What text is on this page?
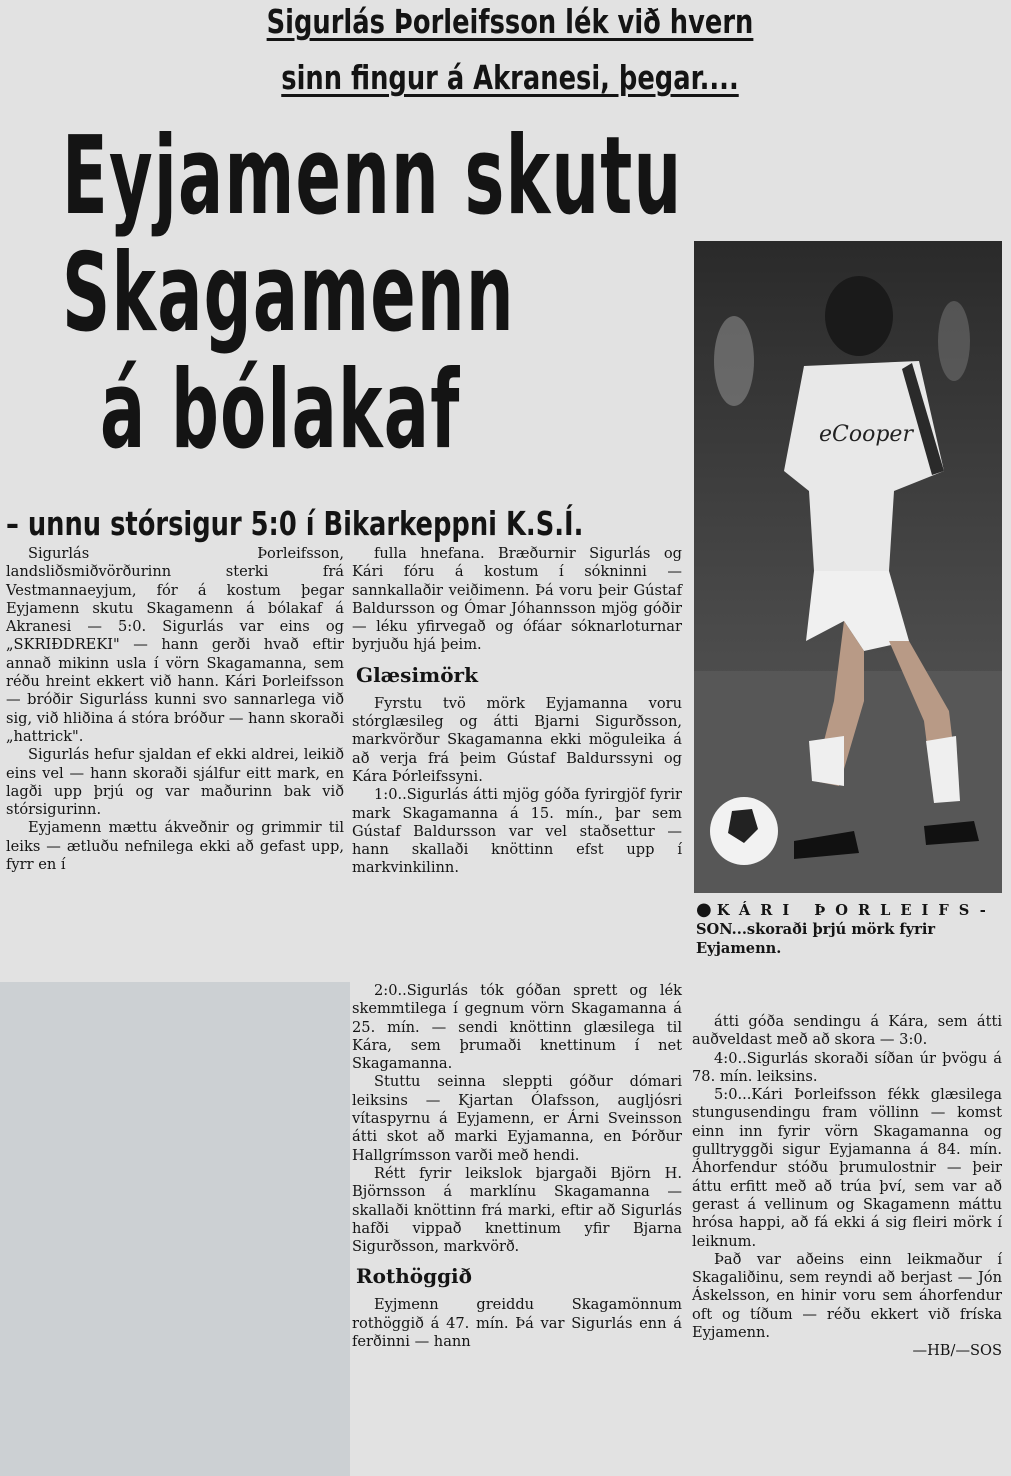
Sigurlás Þorleifsson lék við hvern
sinn fingur á Akranesi, þegar....
Eyjamenn skutu
Skagamenn
á bólakaf
– unnu stórsigur 5:0 í Bikarkeppni K.S.Í.
eCooper
● KÁRI ÞORLEIFS- SON...skoraði þrjú mörk fyrir Eyjamenn.

Sigurlás Þorleifsson, landsliðsmiðvörðurinn sterki frá Vestmannaeyjum, fór á kostum þegar Eyjamenn skutu Skagamenn á bólakaf á Akranesi — 5:0. Sigurlás var eins og „SKRIÐDREKI" — hann gerði hvað eftir annað mikinn usla í vörn Skagamanna, sem réðu hreint ekkert við hann. Kári Þorleifsson — bróðir Sigurláss kunni svo sannarlega við sig, við hliðina á stóra bróður — hann skoraði „hattrick".

Sigurlás hefur sjaldan ef ekki aldrei, leikið eins vel — hann skoraði sjálfur eitt mark, en lagði upp þrjú og var maðurinn bak við stórsigurinn.

Eyjamenn mættu ákveðnir og grimmir til leiks — ætluðu nefnilega ekki að gefast upp, fyrr en í

fulla hnefana. Bræðurnir Sigurlás og Kári fóru á kostum í sókninni — sannkallaðir veiðimenn. Þá voru þeir Gústaf Baldursson og Ómar Jóhannsson mjög góðir — léku yfirvegað og ófáar sóknarloturnar byrjuðu hjá þeim.

Glæsimörk

Fyrstu tvö mörk Eyjamanna voru stórglæsileg og átti Bjarni Sigurðsson, markvörður Skagamanna ekki möguleika á að verja frá þeim Gústaf Baldurssyni og Kára Þórleifssyni.

1:0..Sigurlás átti mjög góða fyrirgjöf fyrir mark Skagamanna á 15. mín., þar sem Gústaf Baldursson var vel staðsettur — hann skallaði knöttinn efst upp í markvinkilinn.

2:0..Sigurlás tók góðan sprett og lék skemmtilega í gegnum vörn Skagamanna á 25. mín. — sendi knöttinn glæsilega til Kára, sem þrumaði knettinum í net Skagamanna.

Stuttu seinna sleppti góður dómari leiksins — Kjartan Ólafsson, augljósri vítaspyrnu á Eyjamenn, er Árni Sveinsson átti skot að marki Eyjamanna, en Þórður Hallgrímsson varði með hendi.

Rétt fyrir leikslok bjargaði Björn H. Björnsson á marklínu Skagamanna — skallaði knöttinn frá marki, eftir að Sigurlás hafði vippað knettinum yfir Bjarna Sigurðsson, markvörð.

Rothöggið

Eyjmenn greiddu Skagamönnum rothöggið á 47. mín. Þá var Sigurlás enn á ferðinni — hann

átti góða sendingu á Kára, sem átti auðveldast með að skora — 3:0.

4:0..Sigurlás skoraði síðan úr þvögu á 78. mín. leiksins.

5:0...Kári Þorleifsson fékk glæsilega stungusendingu fram völlinn — komst einn inn fyrir vörn Skagamanna og gulltryggði sigur Eyjamanna á 84. mín. Áhorfendur stóðu þrumulostnir — þeir áttu erfitt með að trúa því, sem var að gerast á vellinum og Skagamenn máttu hrósa happi, að fá ekki á sig fleiri mörk í leiknum.

Það var aðeins einn leikmaður í Skagaliðinu, sem reyndi að berjast — Jón Áskelsson, en hinir voru sem áhorfendur oft og tíðum — réðu ekkert við fríska Eyjamenn.

—HB/—SOS
